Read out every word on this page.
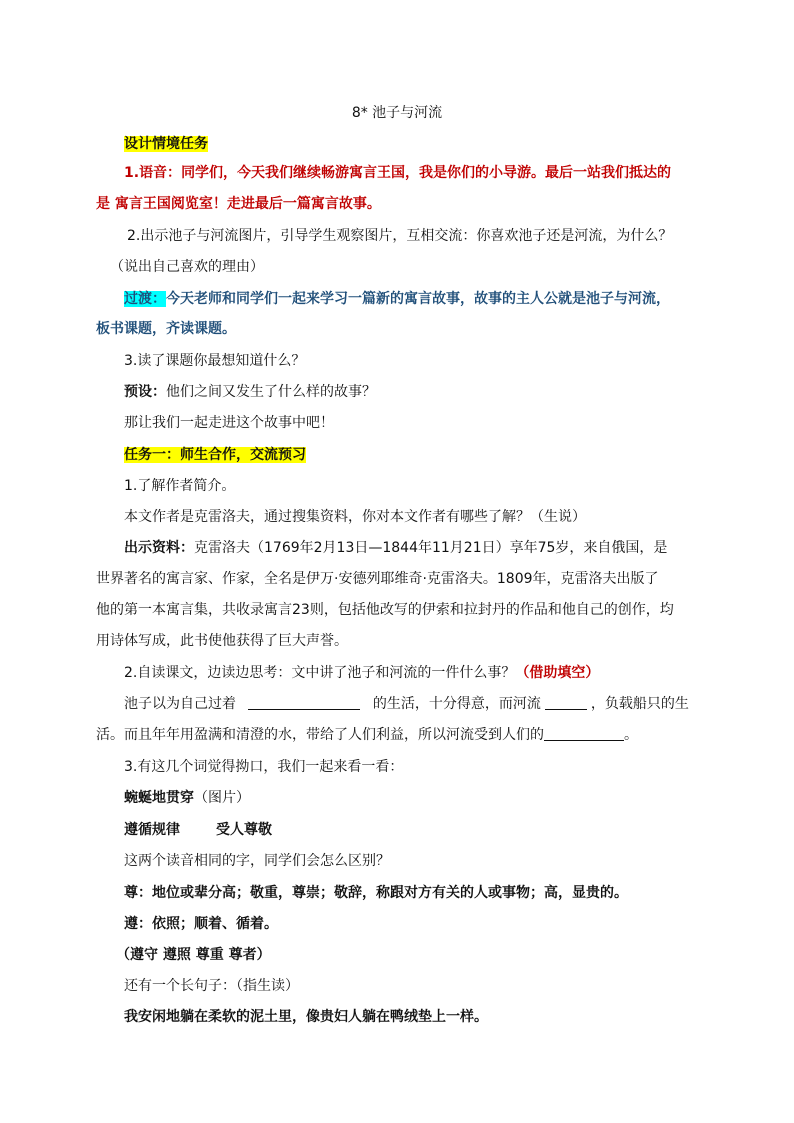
8* 池子与河流
设计情境任务
1.语音：同学们，今天我们继续畅游寓言王国，我是你们的小导游。最后一站我们抵达的
是 寓言王国阅览室！走进最后一篇寓言故事。
2.出示池子与河流图片，引导学生观察图片，互相交流：你喜欢池子还是河流，为什么？
（说出自己喜欢的理由）
过渡：今天老师和同学们一起来学习一篇新的寓言故事，故事的主人公就是池子与河流，
板书课题，齐读课题。
3.读了课题你最想知道什么？
预设：他们之间又发生了什么样的故事？
那让我们一起走进这个故事中吧！
任务一：师生合作，交流预习
1.了解作者简介。
本文作者是克雷洛夫，通过搜集资料，你对本文作者有哪些了解？（生说）
出示资料：克雷洛夫（1769年2月13日—1844年11月21日）享年75岁，来自俄国，是
世界著名的寓言家、作家，全名是伊万·安德列耶维奇·克雷洛夫。1809年，克雷洛夫出版了
他的第一本寓言集，共收录寓言23则，包括他改写的伊索和拉封丹的作品和他自己的创作，均
用诗体写成，此书使他获得了巨大声誉。
2.自读课文，边读边思考：文中讲了池子和河流的一件什么事？（借助填空）
池子以为自己过着	的生活，十分得意，而河流	，负载船只的生
活。而且年年用盈满和清澄的水，带给了人们利益，所以河流受到人们的	。
3.有这几个词觉得拗口，我们一起来看一看：
蜿蜒地贯穿（图片）
遵循规律	受人尊敬
这两个读音相同的字，同学们会怎么区别？
尊：地位或辈分高；敬重，尊崇；敬辞，称跟对方有关的人或事物；高，显贵的。
遵：依照；顺着、循着。
（遵守 遵照 尊重 尊者）
还有一个长句子：（指生读）
我安闲地躺在柔软的泥土里，像贵妇人躺在鸭绒垫上一样。
